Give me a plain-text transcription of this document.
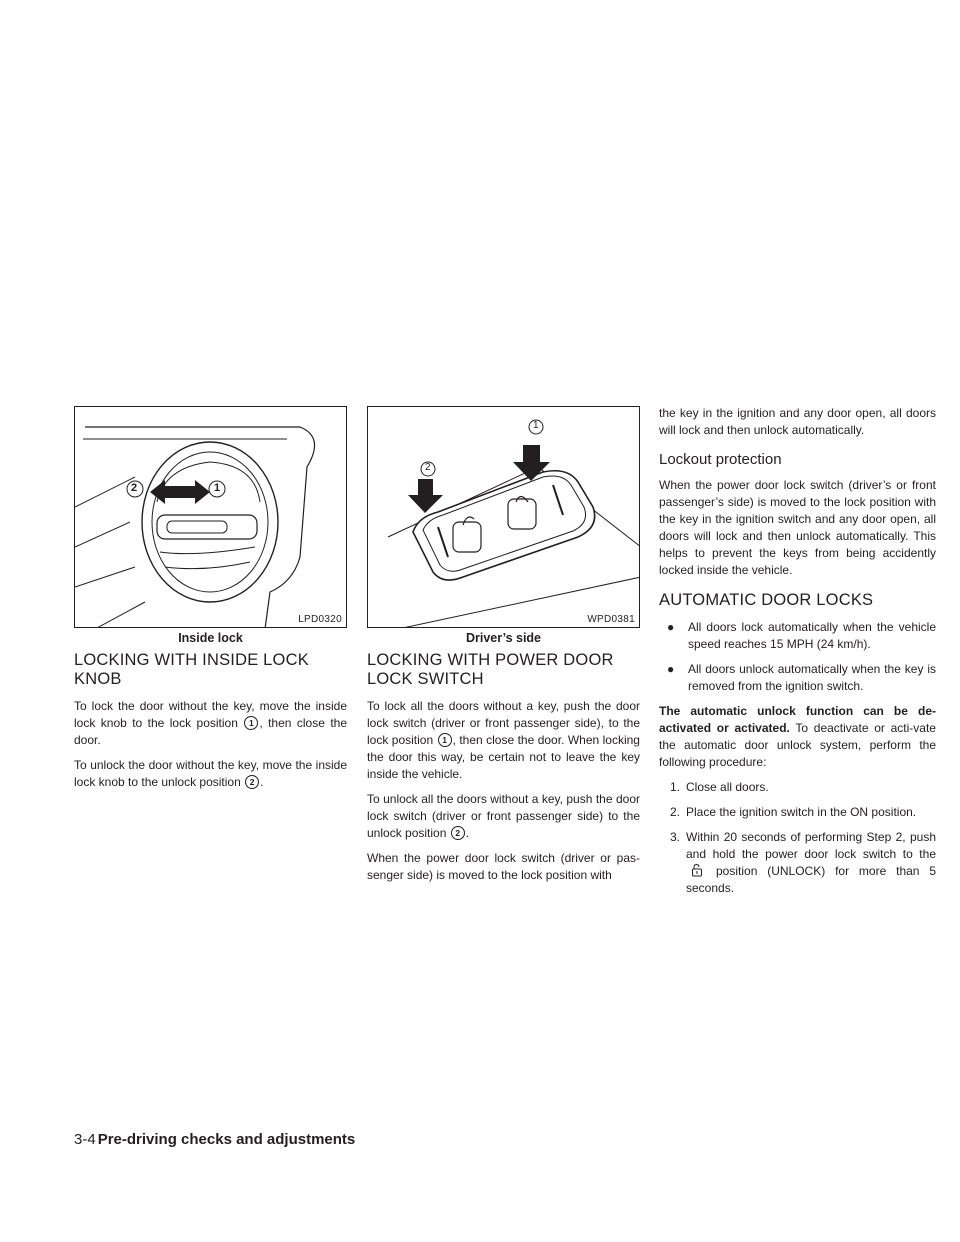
2	1
LPD0320
Inside lock
LOCKING WITH INSIDE LOCK KNOB

To lock the door without the key, move the inside lock knob to the lock position 1 , then close the door.

To unlock the door without the key, move the inside lock knob to the unlock position 2 .

2
1
WPD0381
Driver’s side
LOCKING WITH POWER DOOR LOCK SWITCH

To lock all the doors without a key, push the door lock switch (driver or front passenger side), to the lock position 1 , then close the door. When locking the door this way, be certain not to leave the key inside the vehicle.

To unlock all the doors without a key, push the door lock switch (driver or front passenger side) to the unlock position 2 .

When the power door lock switch (driver or pas-senger side) is moved to the lock position with

the key in the ignition and any door open, all doors will lock and then unlock automatically.

Lockout protection

When the power door lock switch (driver’s or front passenger’s side) is moved to the lock position with the key in the ignition switch and any door open, all doors will lock and then unlock automatically. This helps to prevent the keys from being accidently locked inside the vehicle.

AUTOMATIC DOOR LOCKS
● All doors lock automatically when the vehicle speed reaches 15 MPH (24 km/h).
● All doors unlock automatically when the key is removed from the ignition switch.

The automatic unlock function can be de-activated or activated. To deactivate or acti-vate the automatic door unlock system, perform the following procedure:

1. Close all doors.
2. Place the ignition switch in the ON position.
3. Within 20 seconds of performing Step 2, push and hold the power door lock switch to the position (UNLOCK) for more than 5 seconds.
3-4 Pre-driving checks and adjustments
